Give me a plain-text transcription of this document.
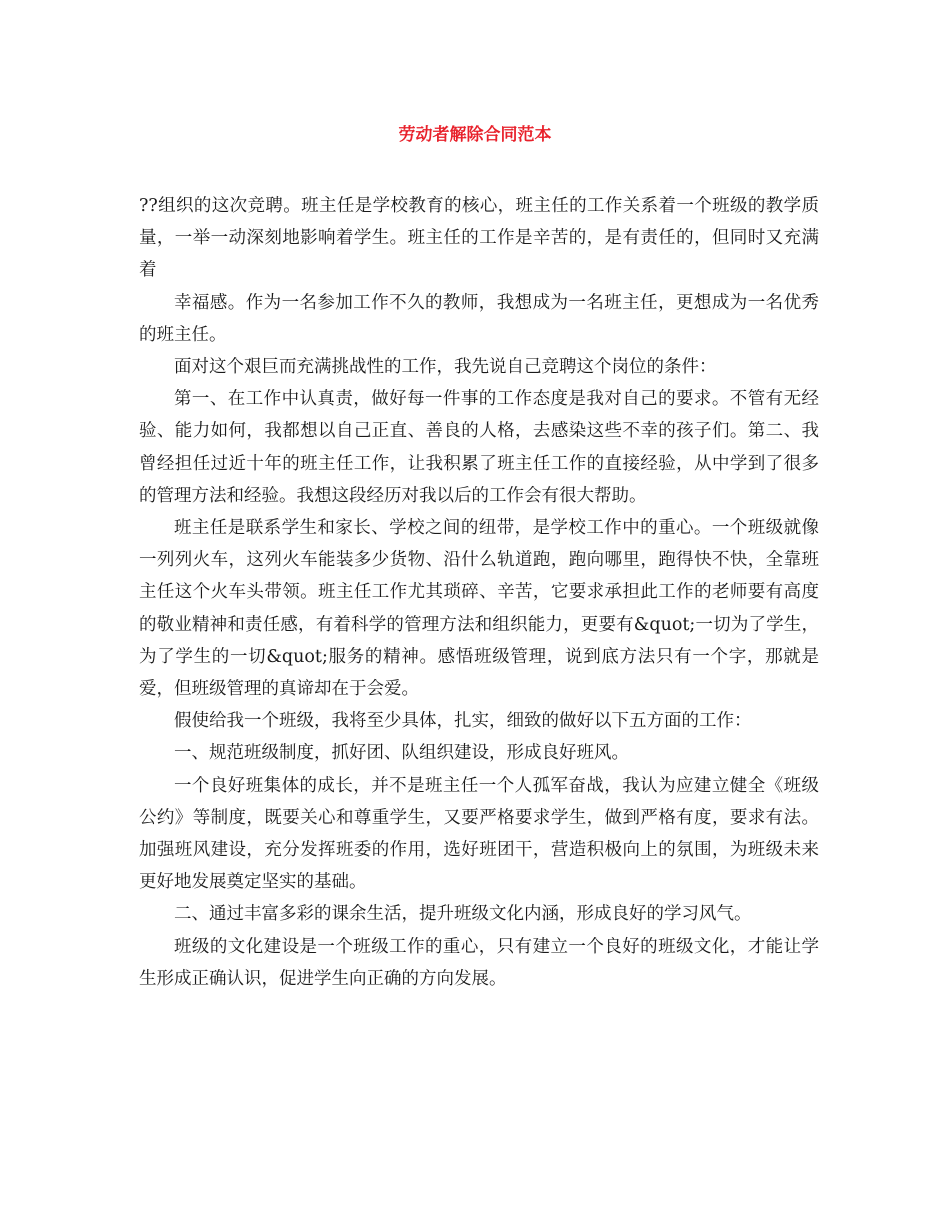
劳动者解除合同范本

??组织的这次竞聘。班主任是学校教育的核心，班主任的工作关系着一个班级的教学质量，一举一动深刻地影响着学生。班主任的工作是辛苦的，是有责任的，但同时又充满着

幸福感。作为一名参加工作不久的教师，我想成为一名班主任，更想成为一名优秀的班主任。

面对这个艰巨而充满挑战性的工作，我先说自己竞聘这个岗位的条件：

第一、在工作中认真责，做好每一件事的工作态度是我对自己的要求。不管有无经验、能力如何，我都想以自己正直、善良的人格，去感染这些不幸的孩子们。第二、我曾经担任过近十年的班主任工作，让我积累了班主任工作的直接经验，从中学到了很多的管理方法和经验。我想这段经历对我以后的工作会有很大帮助。

班主任是联系学生和家长、学校之间的纽带，是学校工作中的重心。一个班级就像一列列火车，这列火车能装多少货物、沿什么轨道跑，跑向哪里，跑得快不快，全靠班主任这个火车头带领。班主任工作尤其琐碎、辛苦，它要求承担此工作的老师要有高度的敬业精神和责任感，有着科学的管理方法和组织能力，更要有&quot;一切为了学生，为了学生的一切&quot;服务的精神。感悟班级管理，说到底方法只有一个字，那就是爱，但班级管理的真谛却在于会爱。

假使给我一个班级，我将至少具体，扎实，细致的做好以下五方面的工作：

一、规范班级制度，抓好团、队组织建设，形成良好班风。

一个良好班集体的成长，并不是班主任一个人孤军奋战，我认为应建立健全《班级公约》等制度，既要关心和尊重学生，又要严格要求学生，做到严格有度，要求有法。加强班风建设，充分发挥班委的作用，选好班团干，营造积极向上的氛围，为班级未来更好地发展奠定坚实的基础。

二、通过丰富多彩的课余生活，提升班级文化内涵，形成良好的学习风气。

班级的文化建设是一个班级工作的重心，只有建立一个良好的班级文化，才能让学生形成正确认识，促进学生向正确的方向发展。
